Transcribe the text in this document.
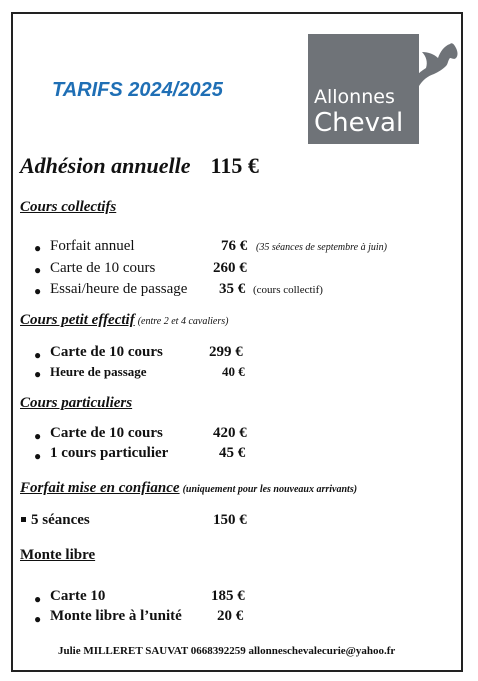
TARIFS 2024/2025	Allonnes
Cheval
Adhésion annuelle 115 €
Cours collectifs
● Forfait annuel	76 € (35 séances de septembre à juin)
● Carte de 10 cours	260 €
● Essai/heure de passage 35 € (cours collectif)
Cours petit effectif (entre 2 et 4 cavaliers)
● Carte de 10 cours	299 €
● Heure de passage	40 €
Cours particuliers
● Carte de 10 cours	420 €
● 1 cours particulier	45 €
Forfait mise en confiance (uniquement pour les nouveaux arrivants)
5 séances	150 €
Monte libre
● Carte 10	185 €
● Monte libre à l’unité 20 €
Julie MILLERET SAUVAT 0668392259 allonneschevalecurie@yahoo.fr
